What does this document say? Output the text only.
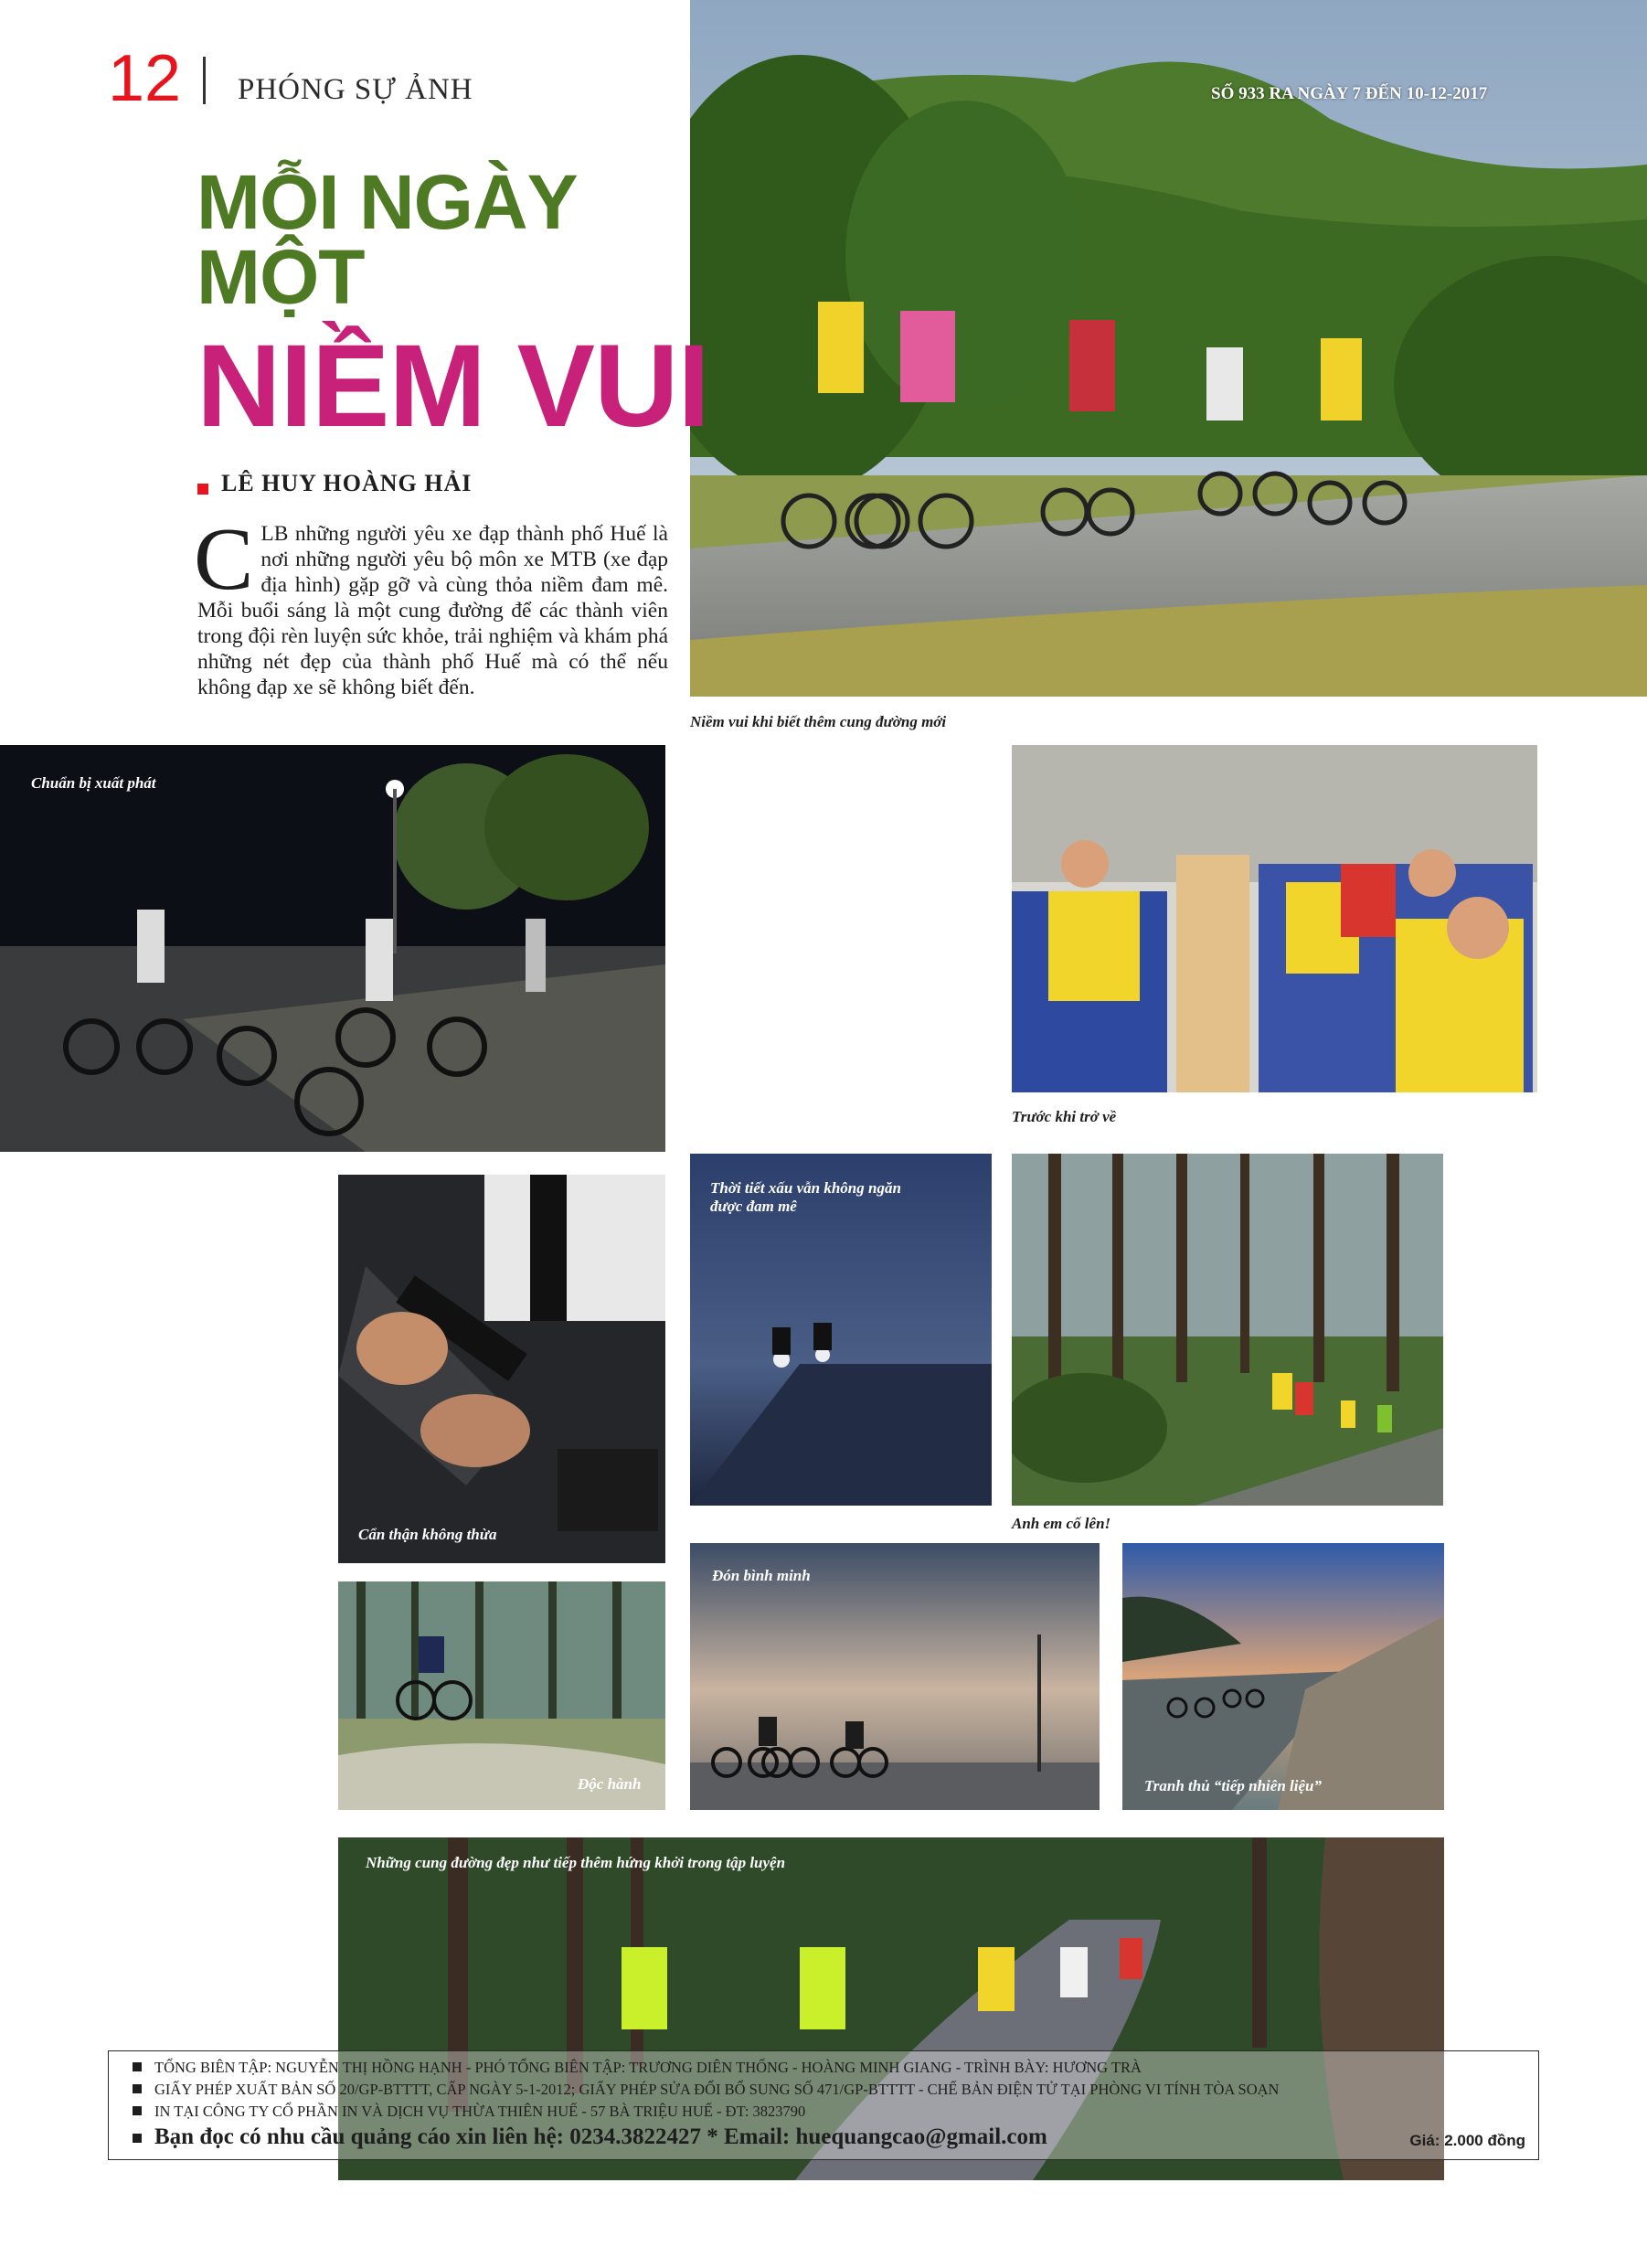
12 PHÓNG SỰ ẢNH	SỐ 933 RA NGÀY 7 ĐẾN 10-12-2017
MỖI NGÀY
MỘT
NIỀM VUI
LÊ HUY HOÀNG HẢI
CLB những người yêu xe đạp thành phố Huế là nơi những người yêu bộ môn xe MTB (xe đạp địa hình) gặp gỡ và cùng thỏa niềm đam mê. Mỗi buổi sáng là một cung đường để các thành viên trong đội rèn luyện sức khỏe, trải nghiệm và khám phá những nét đẹp của thành phố Huế mà có thể nếu không đạp xe sẽ không biết đến.
Niềm vui khi biết thêm cung đường mới
Chuẩn bị xuất phát
Trước khi trở về
Cẩn thận không thừa
Thời tiết xấu vẫn không ngăn được đam mê
Anh em cố lên!
Độc hành
Đón bình minh
Tranh thủ “tiếp nhiên liệu”
Những cung đường đẹp như tiếp thêm hứng khởi trong tập luyện
TỔNG BIÊN TẬP: NGUYỄN THỊ HỒNG HẠNH - PHÓ TỔNG BIÊN TẬP: TRƯƠNG DIÊN THỐNG - HOÀNG MINH GIANG - TRÌNH BÀY: HƯƠNG TRÀ
GIẤY PHÉP XUẤT BẢN SỐ 20/GP-BTTTT, CẤP NGÀY 5-1-2012; GIẤY PHÉP SỬA ĐỔI BỔ SUNG SỐ 471/GP-BTTTT - CHẾ BẢN ĐIỆN TỬ TẠI PHÒNG VI TÍNH TÒA SOẠN
IN TẠI CÔNG TY CỔ PHẦN IN VÀ DỊCH VỤ THỪA THIÊN HUẾ - 57 BÀ TRIỆU HUẾ - ĐT: 3823790
Bạn đọc có nhu cầu quảng cáo xin liên hệ: 0234.3822427 * Email: huequangcao@gmail.com	Giá: 2.000 đồng
